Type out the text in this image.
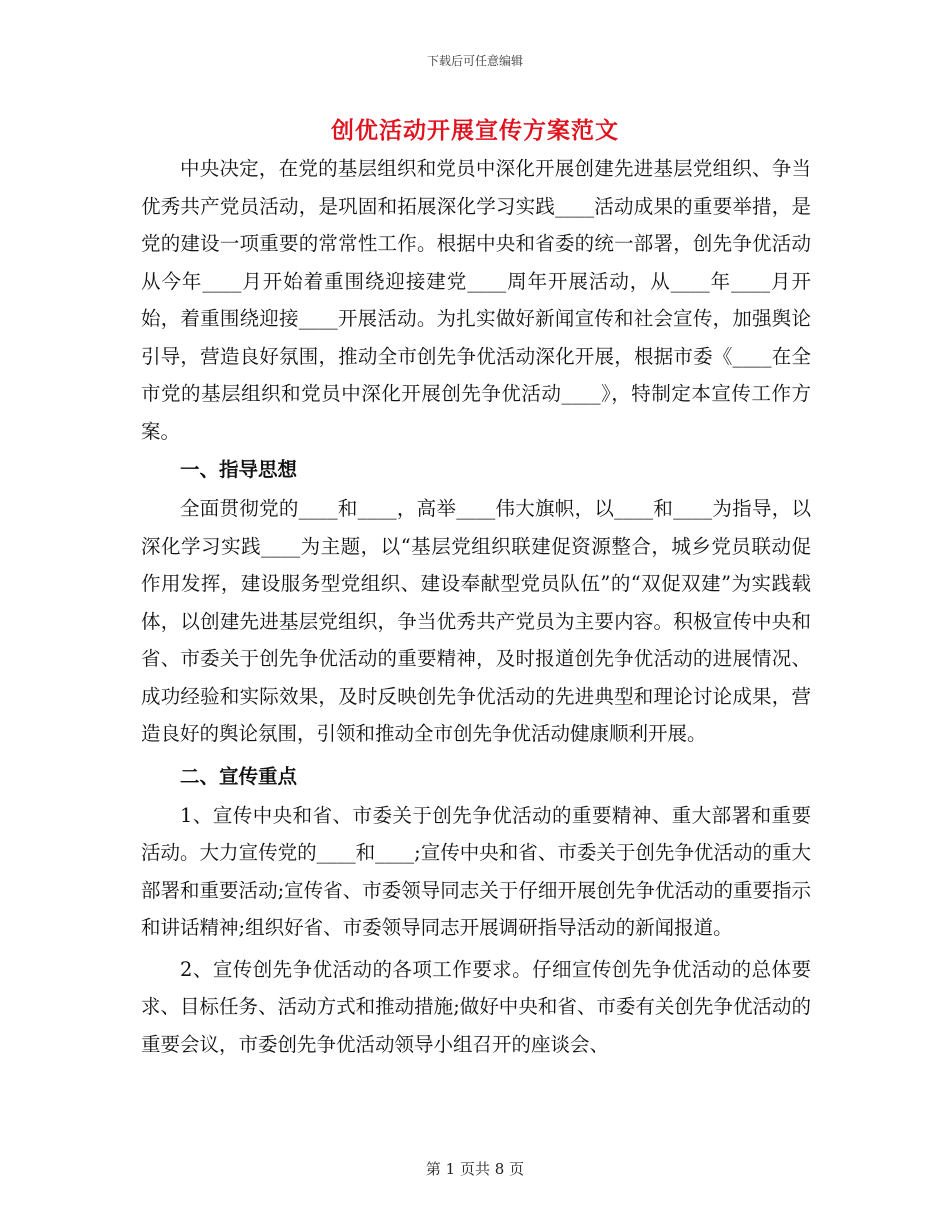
下载后可任意编辑
创优活动开展宣传方案范文

中央决定，在党的基层组织和党员中深化开展创建先进基层党组织、争当优秀共产党员活动，是巩固和拓展深化学习实践____活动成果的重要举措，是党的建设一项重要的常常性工作。根据中央和省委的统一部署，创先争优活动从今年____月开始着重围绕迎接建党____周年开展活动，从____年____月开始，着重围绕迎接____开展活动。为扎实做好新闻宣传和社会宣传，加强舆论引导，营造良好氛围，推动全市创先争优活动深化开展，根据市委《____在全市党的基层组织和党员中深化开展创先争优活动____》，特制定本宣传工作方案。

一、指导思想

全面贯彻党的____和____，高举____伟大旗帜，以____和____为指导，以深化学习实践____为主题，以“基层党组织联建促资源整合，城乡党员联动促作用发挥，建设服务型党组织、建设奉献型党员队伍”的“双促双建”为实践载体，以创建先进基层党组织，争当优秀共产党员为主要内容。积极宣传中央和省、市委关于创先争优活动的重要精神，及时报道创先争优活动的进展情况、成功经验和实际效果，及时反映创先争优活动的先进典型和理论讨论成果，营造良好的舆论氛围，引领和推动全市创先争优活动健康顺利开展。

二、宣传重点

1、宣传中央和省、市委关于创先争优活动的重要精神、重大部署和重要活动。大力宣传党的____和____;宣传中央和省、市委关于创先争优活动的重大部署和重要活动;宣传省、市委领导同志关于仔细开展创先争优活动的重要指示和讲话精神;组织好省、市委领导同志开展调研指导活动的新闻报道。

2、宣传创先争优活动的各项工作要求。仔细宣传创先争优活动的总体要求、目标任务、活动方式和推动措施;做好中央和省、市委有关创先争优活动的重要会议，市委创先争优活动领导小组召开的座谈会、

第 1 页共 8 页
